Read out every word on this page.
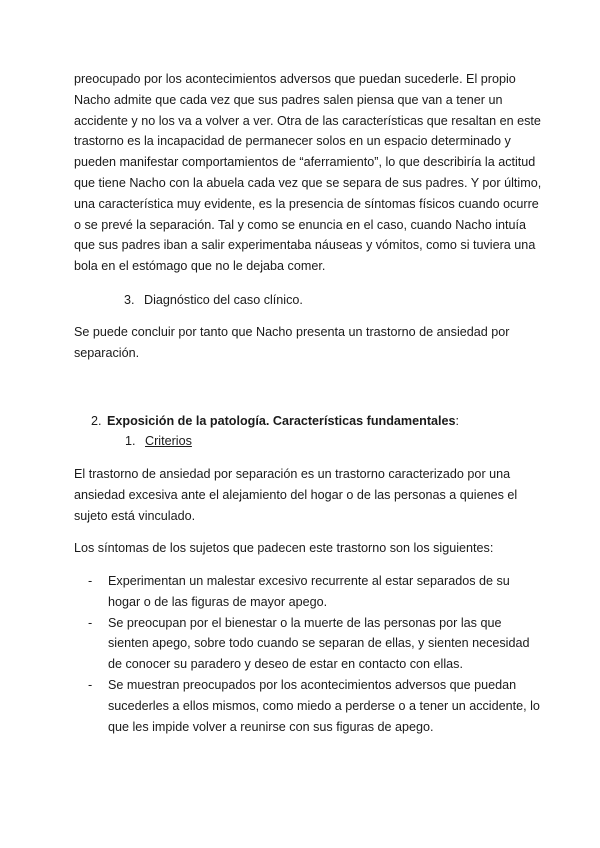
preocupado por los acontecimientos adversos que puedan sucederle. El propio
Nacho admite que cada vez que sus padres salen piensa que van a tener un
accidente y no los va a volver a ver. Otra de las características que resaltan en este
trastorno es la incapacidad de permanecer solos en un espacio determinado y
pueden manifestar comportamientos de “aferramiento”, lo que describiría la actitud
que tiene Nacho con la abuela cada vez que se separa de sus padres. Y por último,
una característica muy evidente, es la presencia de síntomas físicos cuando ocurre
o se prevé la separación. Tal y como se enuncia en el caso, cuando Nacho intuía
que sus padres iban a salir experimentaba náuseas y vómitos, como si tuviera una
bola en el estómago que no le dejaba comer.
3. Diagnóstico del caso clínico.
Se puede concluir por tanto que Nacho presenta un trastorno de ansiedad por
separación.
2. Exposición de la patología. Características fundamentales:
1. Criterios
El trastorno de ansiedad por separación es un trastorno caracterizado por una
ansiedad excesiva ante el alejamiento del hogar o de las personas a quienes el
sujeto está vinculado.
Los síntomas de los sujetos que padecen este trastorno son los siguientes:
- Experimentan un malestar excesivo recurrente al estar separados de su
hogar o de las figuras de mayor apego.
- Se preocupan por el bienestar o la muerte de las personas por las que
sienten apego, sobre todo cuando se separan de ellas, y sienten necesidad
de conocer su paradero y deseo de estar en contacto con ellas.
- Se muestran preocupados por los acontecimientos adversos que puedan
sucederles a ellos mismos, como miedo a perderse o a tener un accidente, lo
que les impide volver a reunirse con sus figuras de apego.
